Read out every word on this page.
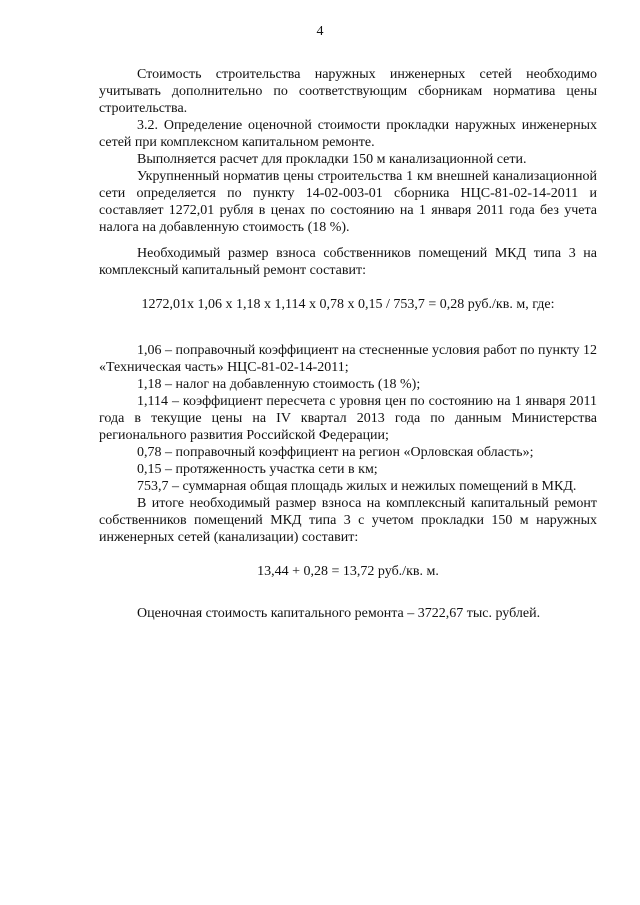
4

Стоимость строительства наружных инженерных сетей необходимо учитывать дополнительно по соответствующим сборникам норматива цены строительства.

3.2. Определение оценочной стоимости прокладки наружных инженерных сетей при комплексном капитальном ремонте.

Выполняется расчет для прокладки 150 м канализационной сети.

Укрупненный норматив цены строительства 1 км внешней канализационной сети определяется по пункту 14-02-003-01 сборника НЦС-81-02-14-2011 и составляет 1272,01 рубля в ценах по состоянию на 1 января 2011 года без учета налога на добавленную стоимость (18 %).

Необходимый размер взноса собственников помещений МКД типа 3 на комплексный капитальный ремонт составит:

1272,01х 1,06 х 1,18 х 1,114 х 0,78 х 0,15 / 753,7 = 0,28 руб./кв. м, где:

1,06 – поправочный коэффициент на стесненные условия работ по пункту 12 «Техническая часть» НЦС-81-02-14-2011;

1,18 – налог на добавленную стоимость (18 %);

1,114 – коэффициент пересчета с уровня цен по состоянию на 1 января 2011 года в текущие цены на IV квартал 2013 года по данным Министерства регионального развития Российской Федерации;

0,78 – поправочный коэффициент на регион «Орловская область»;

0,15 – протяженность участка сети в км;

753,7 – суммарная общая площадь жилых и нежилых помещений в МКД.

В итоге необходимый размер взноса на комплексный капитальный ремонт собственников помещений МКД типа 3 с учетом прокладки 150 м наружных инженерных сетей (канализации) составит:

13,44 + 0,28 = 13,72 руб./кв. м.

Оценочная стоимость капитального ремонта – 3722,67 тыс. рублей.
